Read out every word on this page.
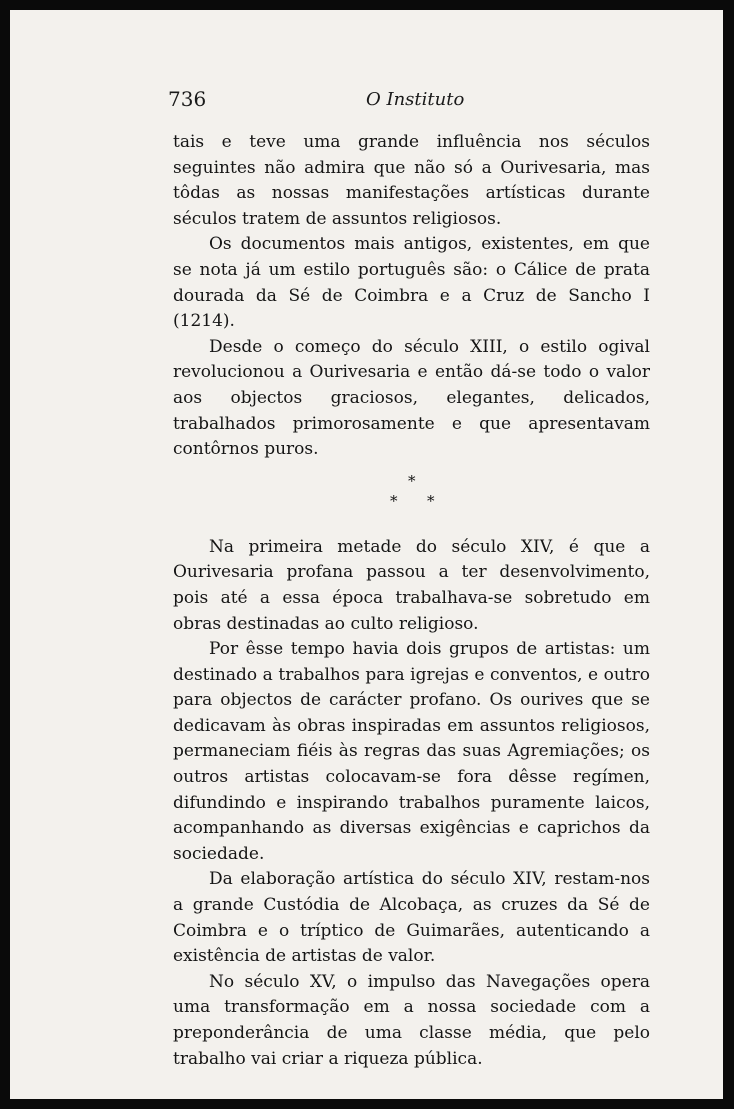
736	O Instituto

tais e teve uma grande influência nos séculos seguintes não admira que não só a Ourivesaria, mas tôdas as nossas manifestações artísticas durante séculos tratem de assuntos religiosos.

Os documentos mais antigos, existentes, em que se nota já um estilo português são: o Cálice de prata dourada da Sé de Coimbra e a Cruz de Sancho I (1214).

Desde o começo do século XIII, o estilo ogival revolucionou a Ourivesaria e então dá-se todo o valor aos objectos graciosos, elegantes, delicados, trabalhados primorosamente e que apresentavam contôrnos puros.

*
* *

Na primeira metade do século XIV, é que a Ourivesaria profana passou a ter desenvolvimento, pois até a essa época trabalhava-se sobretudo em obras destinadas ao culto religioso.

Por êsse tempo havia dois grupos de artistas: um destinado a trabalhos para igrejas e conventos, e outro para objectos de carácter profano. Os ourives que se dedicavam às obras inspiradas em assuntos religiosos, permaneciam fiéis às regras das suas Agremiações; os outros artistas colocavam-se fora dêsse regímen, difundindo e inspirando trabalhos puramente laicos, acompanhando as diversas exigências e caprichos da sociedade.

Da elaboração artística do século XIV, restam-nos a grande Custódia de Alcobaça, as cruzes da Sé de Coimbra e o tríptico de Guimarães, autenticando a existência de artistas de valor.

No século XV, o impulso das Navegações opera uma transformação em a nossa sociedade com a preponderância de uma classe média, que pelo trabalho vai criar a riqueza pública.
